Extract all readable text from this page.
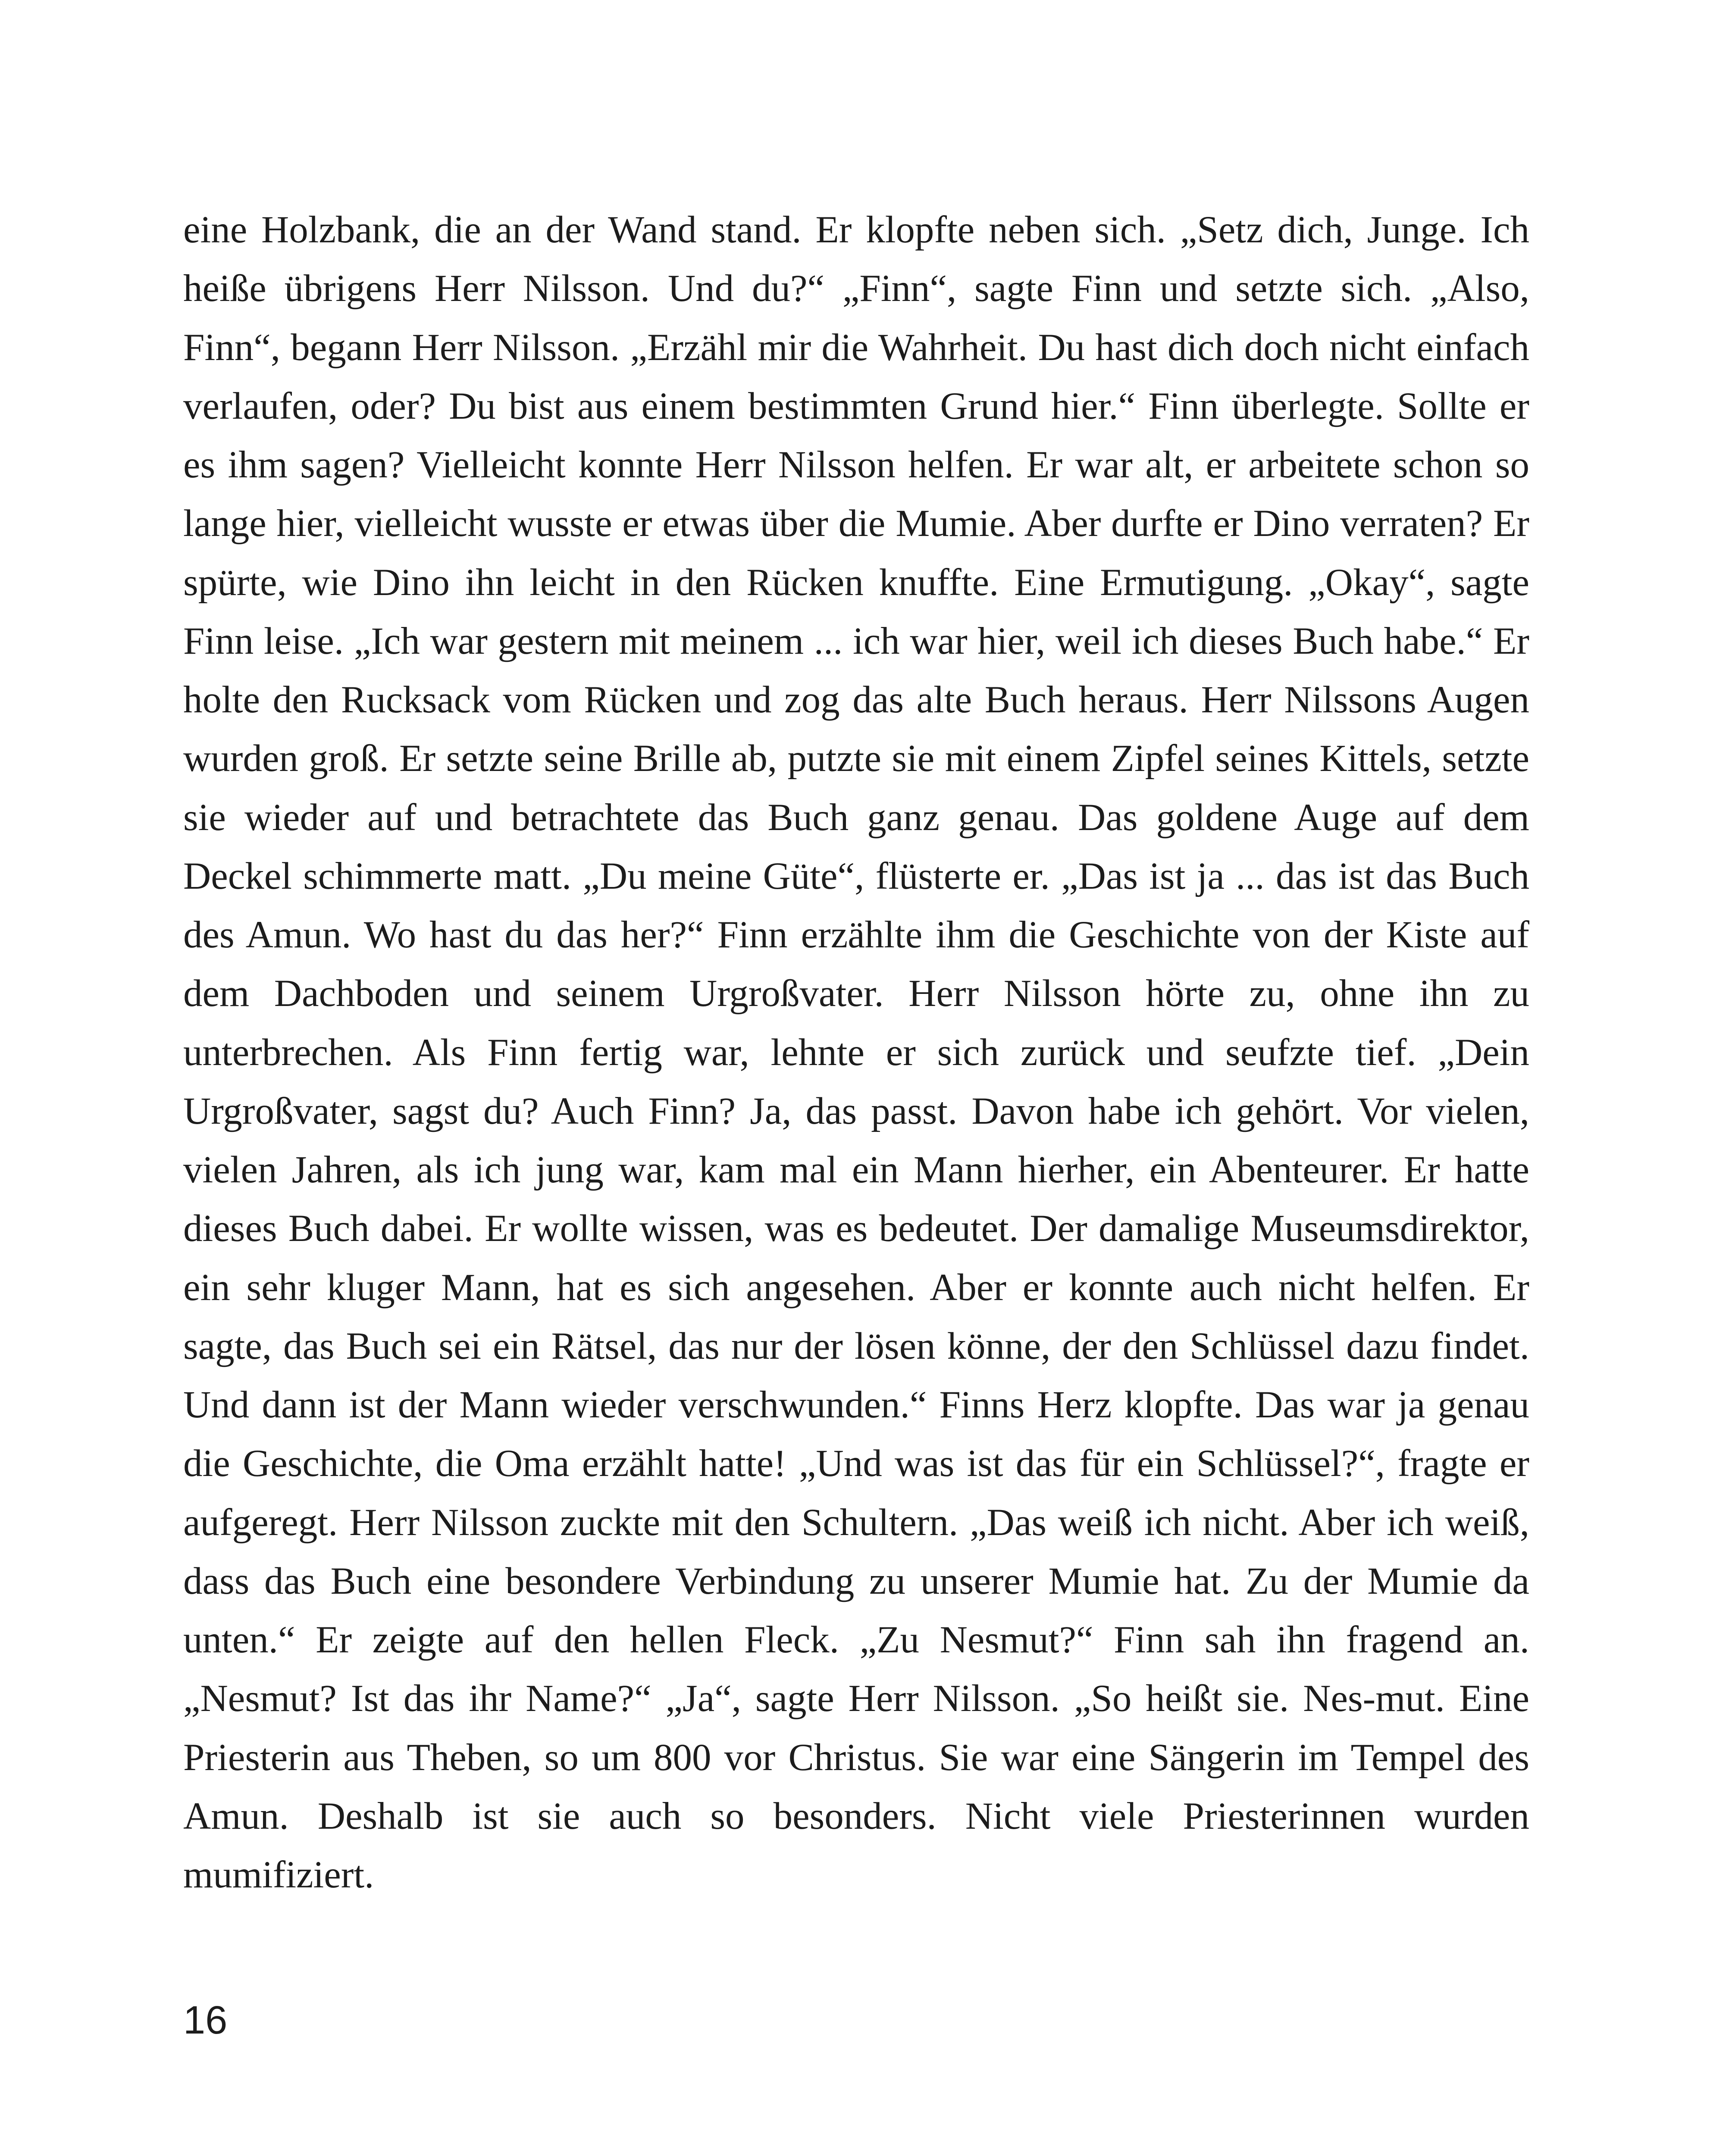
eine Holzbank, die an der Wand stand. Er klopfte neben sich. „Setz dich, Junge. Ich heiße übrigens Herr Nilsson. Und du?“ „Finn“, sagte Finn und setzte sich. „Also, Finn“, begann Herr Nilsson. „Erzähl mir die Wahrheit. Du hast dich doch nicht einfach verlaufen, oder? Du bist aus einem bestimmten Grund hier.“ Finn überlegte. Sollte er es ihm sagen? Vielleicht konnte Herr Nilsson helfen. Er war alt, er arbeitete schon so lange hier, vielleicht wusste er etwas über die Mumie. Aber durfte er Dino verraten? Er spürte, wie Dino ihn leicht in den Rücken knuffte. Eine Ermutigung. „Okay“, sagte Finn leise. „Ich war gestern mit meinem ... ich war hier, weil ich dieses Buch habe.“ Er holte den Rucksack vom Rücken und zog das alte Buch heraus. Herr Nilssons Augen wurden groß. Er setzte seine Brille ab, putzte sie mit einem Zipfel seines Kittels, setzte sie wieder auf und betrachtete das Buch ganz genau. Das goldene Auge auf dem Deckel schimmerte matt. „Du meine Güte“, flüsterte er. „Das ist ja ... das ist das Buch des Amun. Wo hast du das her?“ Finn erzählte ihm die Geschichte von der Kiste auf dem Dachboden und seinem Urgroßvater. Herr Nilsson hörte zu, ohne ihn zu unterbrechen. Als Finn fertig war, lehnte er sich zurück und seufzte tief. „Dein Urgroßvater, sagst du? Auch Finn? Ja, das passt. Davon habe ich gehört. Vor vielen, vielen Jahren, als ich jung war, kam mal ein Mann hierher, ein Abenteurer. Er hatte dieses Buch dabei. Er wollte wissen, was es bedeutet. Der damalige Museumsdirektor, ein sehr kluger Mann, hat es sich angesehen. Aber er konnte auch nicht helfen. Er sagte, das Buch sei ein Rätsel, das nur der lösen könne, der den Schlüssel dazu findet. Und dann ist der Mann wieder verschwunden.“ Finns Herz klopfte. Das war ja genau die Geschichte, die Oma erzählt hatte! „Und was ist das für ein Schlüssel?“, fragte er aufgeregt. Herr Nilsson zuckte mit den Schultern. „Das weiß ich nicht. Aber ich weiß, dass das Buch eine besondere Verbindung zu unserer Mumie hat. Zu der Mumie da unten.“ Er zeigte auf den hellen Fleck. „Zu Nesmut?“ Finn sah ihn fragend an. „Nesmut? Ist das ihr Name?“ „Ja“, sagte Herr Nilsson. „So heißt sie. Nes-mut. Eine Priesterin aus Theben, so um 800 vor Christus. Sie war eine Sängerin im Tempel des Amun. Deshalb ist sie auch so besonders. Nicht viele Priesterinnen wurden mumifiziert.

16
